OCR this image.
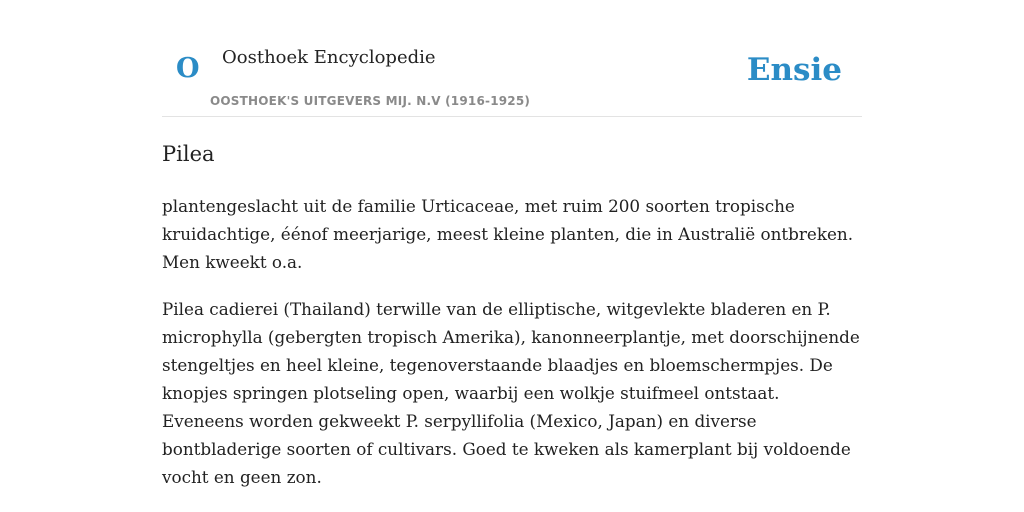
O Oosthoek Encyclopedie
OOSTHOEK'S UITGEVERS MIJ. N.V (1916-1925)
Ensie
Pilea

plantengeslacht uit de familie Urticaceae, met ruim 200 soorten tropische kruidachtige, éénof meerjarige, meest kleine planten, die in Australië ontbreken. Men kweekt o.a.

Pilea cadierei (Thailand) terwille van de elliptische, witgevlekte bladeren en P. microphylla (gebergten tropisch Amerika), kanonneerplantje, met doorschijnende stengeltjes en heel kleine, tegenoverstaande blaadjes en bloemschermpjes. De knopjes springen plotseling open, waarbij een wolkje stuifmeel ontstaat. Eveneens worden gekweekt P. serpyllifolia (Mexico, Japan) en diverse bontbladerige soorten of cultivars. Goed te kweken als kamerplant bij voldoende vocht en geen zon.
